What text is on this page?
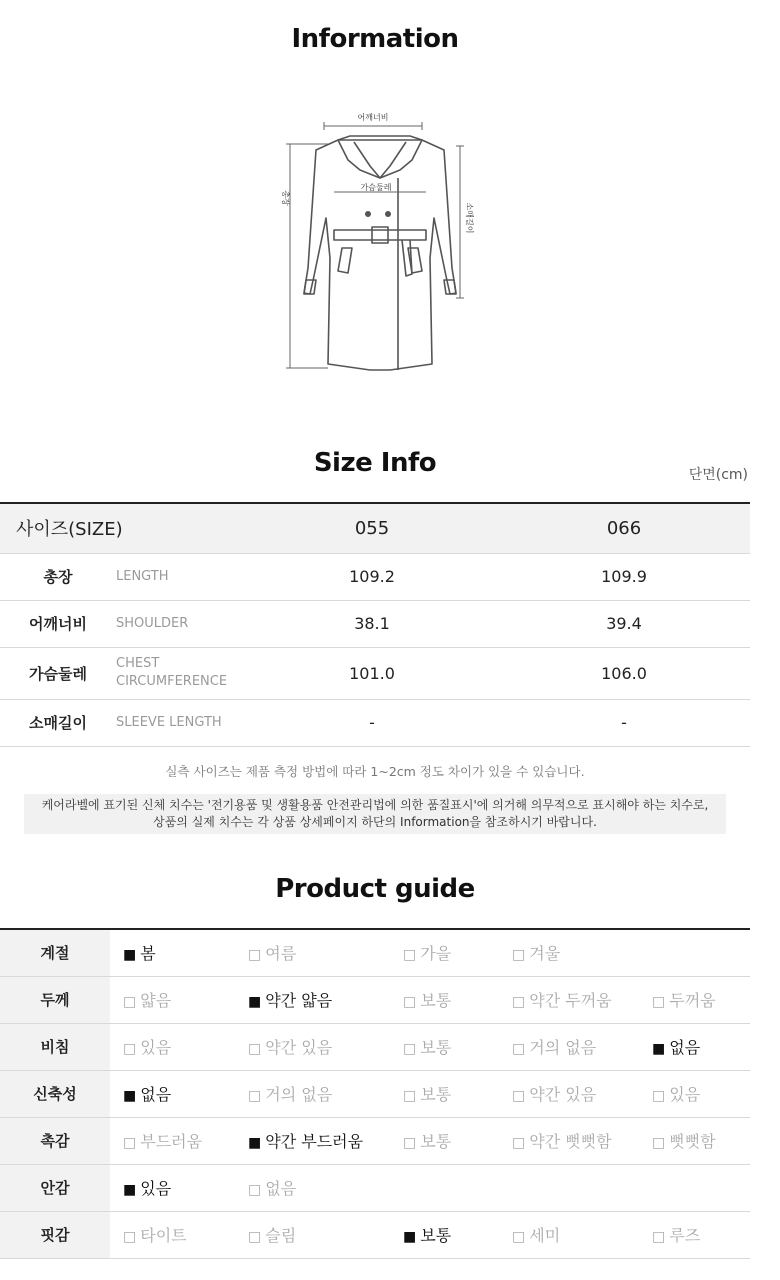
Information
어깨너비
가슴둘레
총장
소매길이
Size Info	단면(cm)
사이즈(SIZE)		055	066
총장	LENGTH	109.2	109.9
어깨너비	SHOULDER	38.1	39.4
가슴둘레	CHEST CIRCUMFERENCE	101.0	106.0
소매길이	SLEEVE LENGTH	-	-
실측 사이즈는 제품 측정 방법에 따라 1~2cm 정도 차이가 있을 수 있습니다.
케어라벨에 표기된 신체 치수는 '전기용품 및 생활용품 안전관리법에 의한 품질표시'에 의거해 의무적으로 표시해야 하는 치수로,
상품의 실제 치수는 각 상품 상세페이지 하단의 Information을 참조하시기 바랍니다.
Product guide
계절	■ 봄	□ 여름	□ 가을	□ 겨울	
두께	□ 얇음	■ 약간 얇음	□ 보통	□ 약간 두꺼움	□ 두꺼움
비침	□ 있음	□ 약간 있음	□ 보통	□ 거의 없음	■ 없음
신축성	■ 없음	□ 거의 없음	□ 보통	□ 약간 있음	□ 있음
촉감	□ 부드러움	■ 약간 부드러움	□ 보통	□ 약간 뻣뻣함	□ 뻣뻣함
안감	■ 있음	□ 없음			
핏감	□ 타이트	□ 슬림	■ 보통	□ 세미	□ 루즈
